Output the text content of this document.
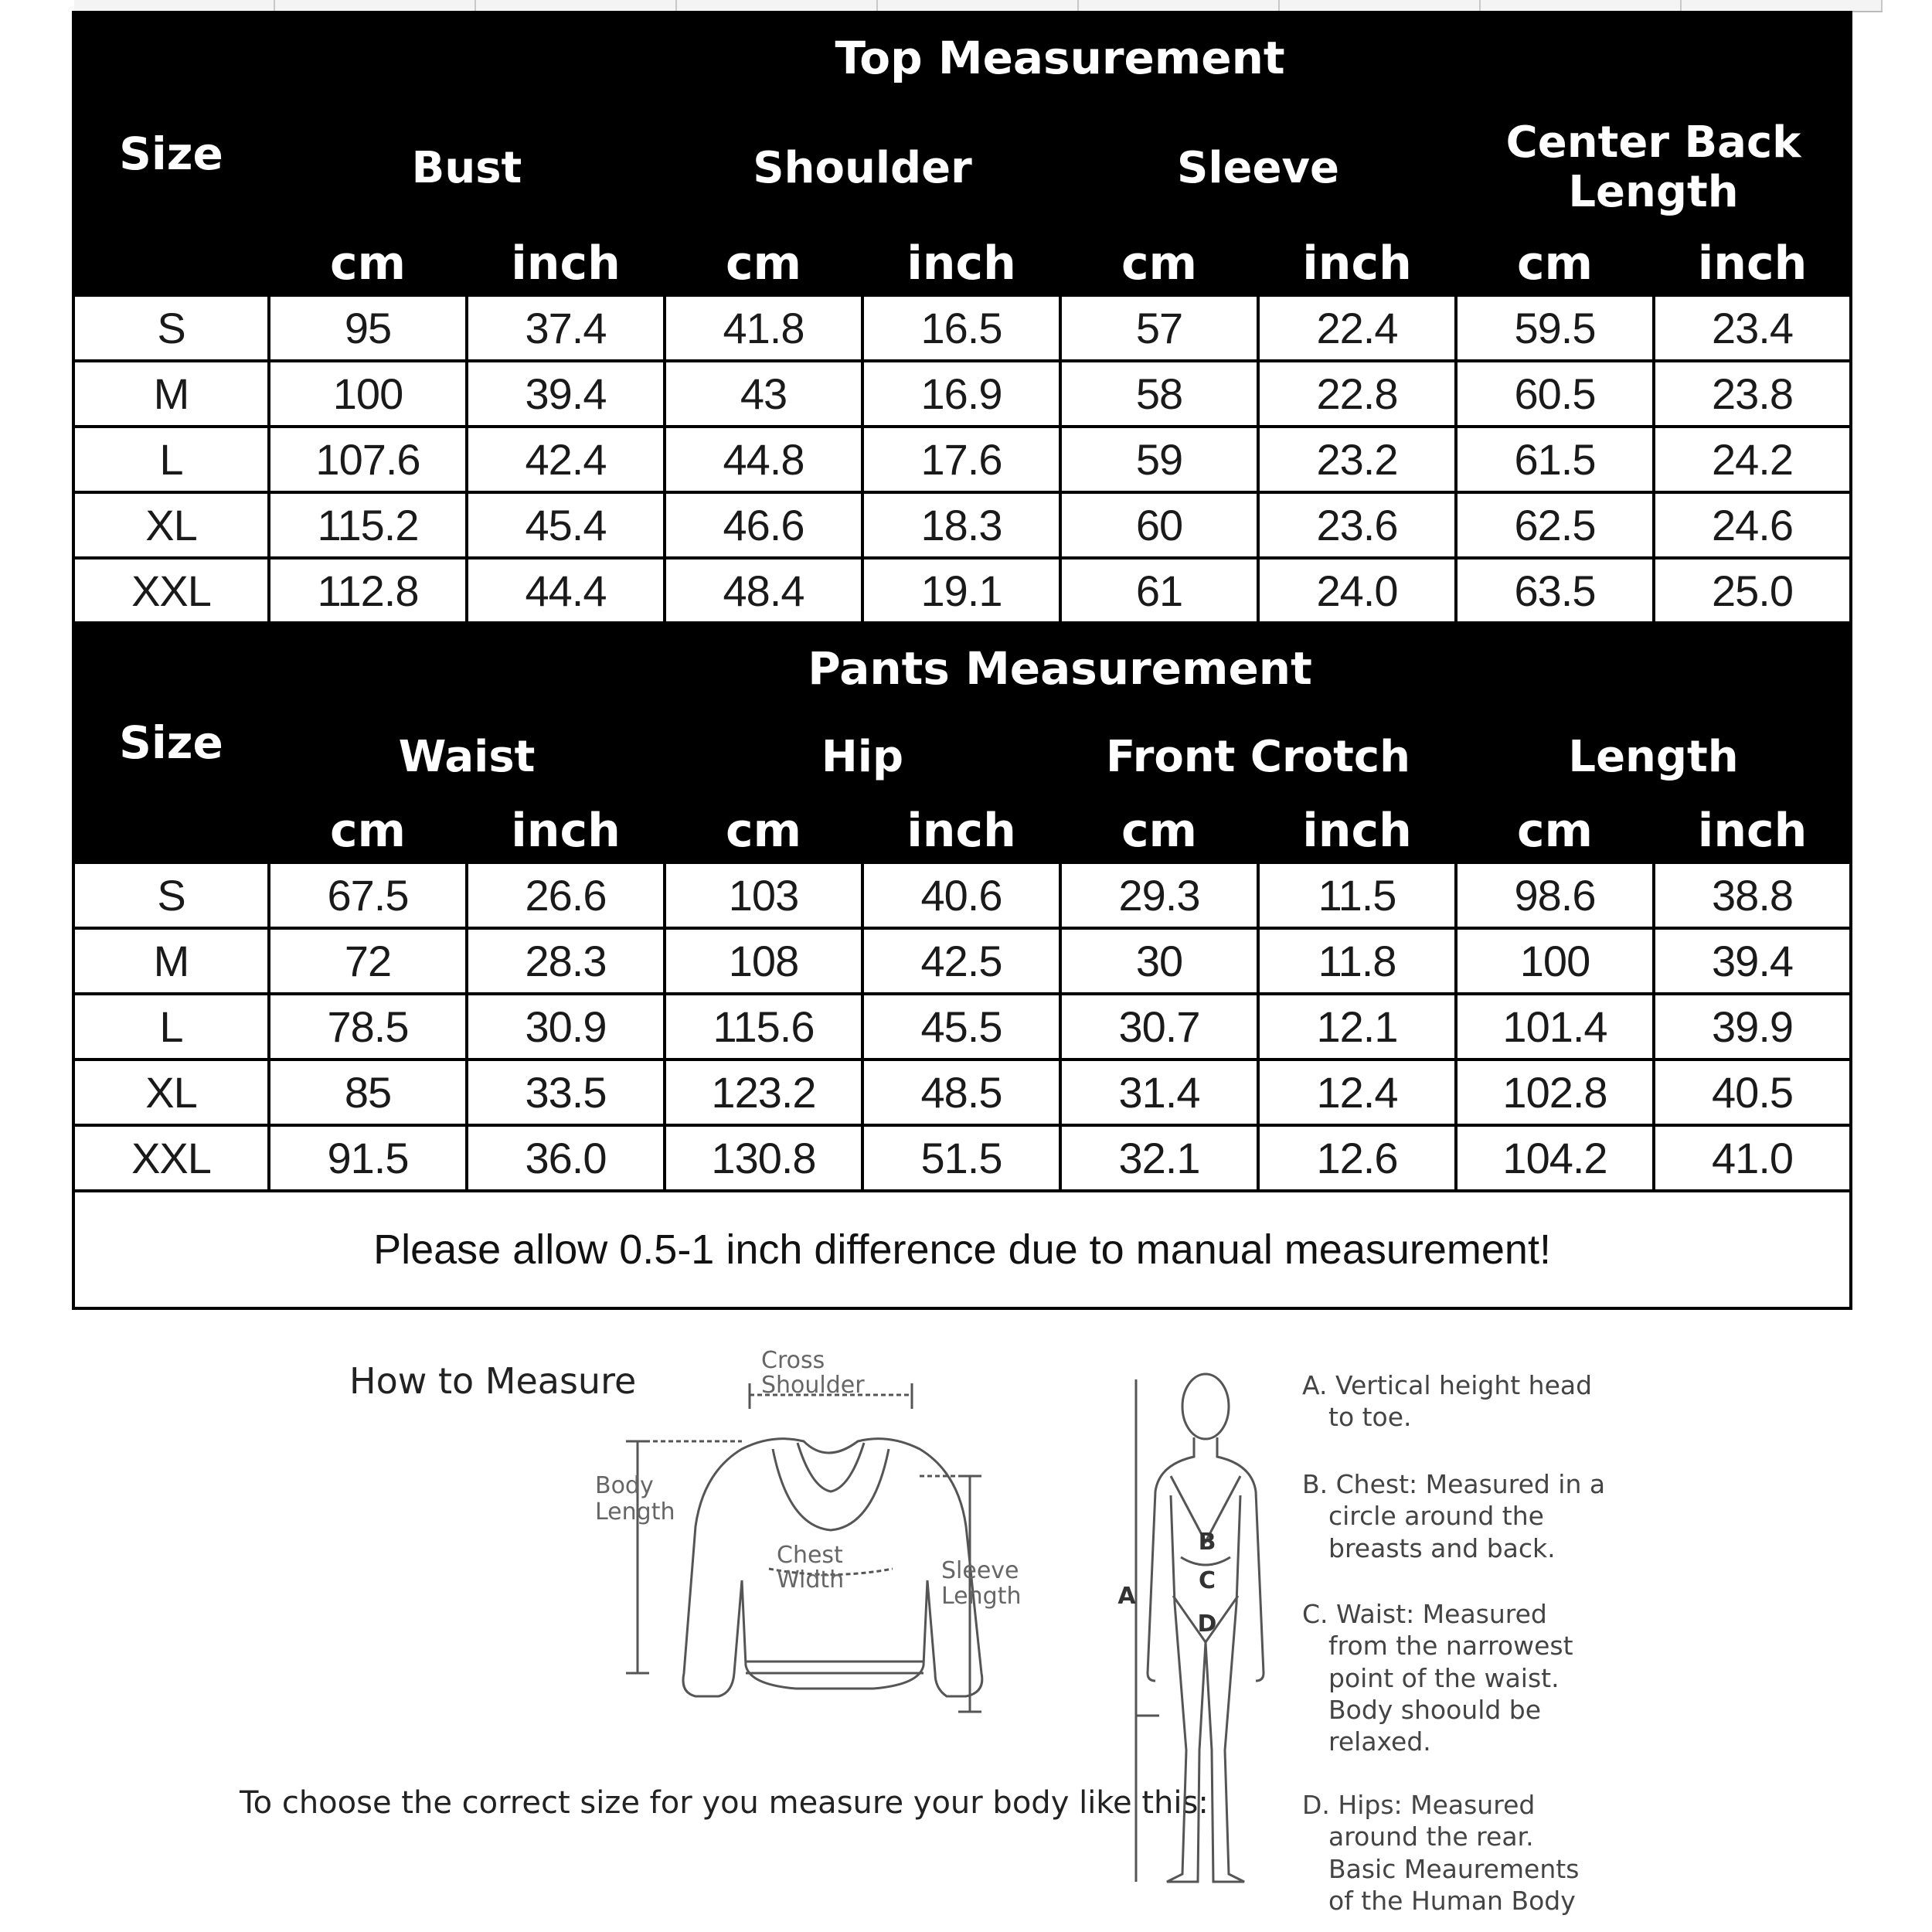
Size	Top Measurement							
	Bust		Shoulder		Sleeve		Center Back Length	
	cm	inch	cm	inch	cm	inch	cm	inch
S	95	37.4	41.8	16.5	57	22.4	59.5	23.4
M	100	39.4	43	16.9	58	22.8	60.5	23.8
L	107.6	42.4	44.8	17.6	59	23.2	61.5	24.2
XL	115.2	45.4	46.6	18.3	60	23.6	62.5	24.6
XXL	112.8	44.4	48.4	19.1	61	24.0	63.5	25.0
Size	Pants Measurement							
	Waist		Hip		Front Crotch		Length	
	cm	inch	cm	inch	cm	inch	cm	inch
S	67.5	26.6	103	40.6	29.3	11.5	98.6	38.8
M	72	28.3	108	42.5	30	11.8	100	39.4
L	78.5	30.9	115.6	45.5	30.7	12.1	101.4	39.9
XL	85	33.5	123.2	48.5	31.4	12.4	102.8	40.5
XXL	91.5	36.0	130.8	51.5	32.1	12.6	104.2	41.0
Please allow 0.5-1 inch difference due to manual measurement!								
How to Measure
To choose the correct size for you measure your body like this:
Cross
Shoulder
Body
Length
Chest
Width	Sleeve
Length	A
B
C
D
A. Vertical height head
to toe.
B. Chest: Measured in a
circle around the
breasts and back.
C. Waist: Measured
from the narrowest
point of the waist.
Body shoould be
relaxed.
D. Hips: Measured
around the rear.
Basic Meaurements
of the Human Body
